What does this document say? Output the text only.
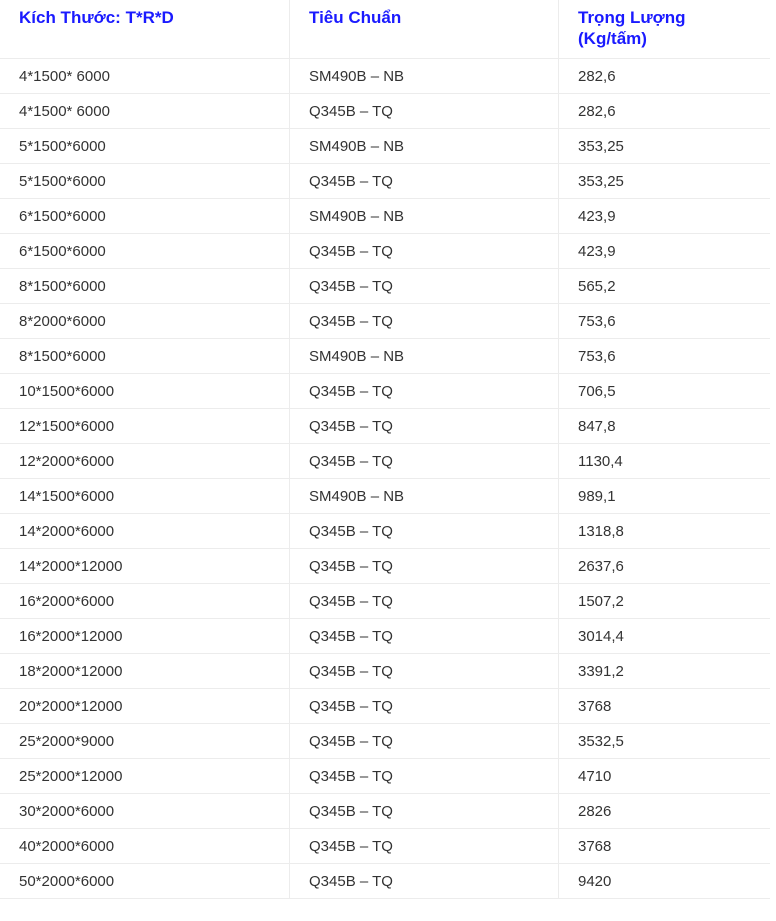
Kích Thước: T*R*D	Tiêu Chuẩn	Trọng Lượng
(Kg/tấm)
4*1500* 6000	SM490B – NB	282,6
4*1500* 6000	Q345B – TQ	282,6
5*1500*6000	SM490B – NB	353,25
5*1500*6000	Q345B – TQ	353,25
6*1500*6000	SM490B – NB	423,9
6*1500*6000	Q345B – TQ	423,9
8*1500*6000	Q345B – TQ	565,2
8*2000*6000	Q345B – TQ	753,6
8*1500*6000	SM490B – NB	753,6
10*1500*6000	Q345B – TQ	706,5
12*1500*6000	Q345B – TQ	847,8
12*2000*6000	Q345B – TQ	1130,4
14*1500*6000	SM490B – NB	989,1
14*2000*6000	Q345B – TQ	1318,8
14*2000*12000	Q345B – TQ	2637,6
16*2000*6000	Q345B – TQ	1507,2
16*2000*12000	Q345B – TQ	3014,4
18*2000*12000	Q345B – TQ	3391,2
20*2000*12000	Q345B – TQ	3768
25*2000*9000	Q345B – TQ	3532,5
25*2000*12000	Q345B – TQ	4710
30*2000*6000	Q345B – TQ	2826
40*2000*6000	Q345B – TQ	3768
50*2000*6000	Q345B – TQ	9420
